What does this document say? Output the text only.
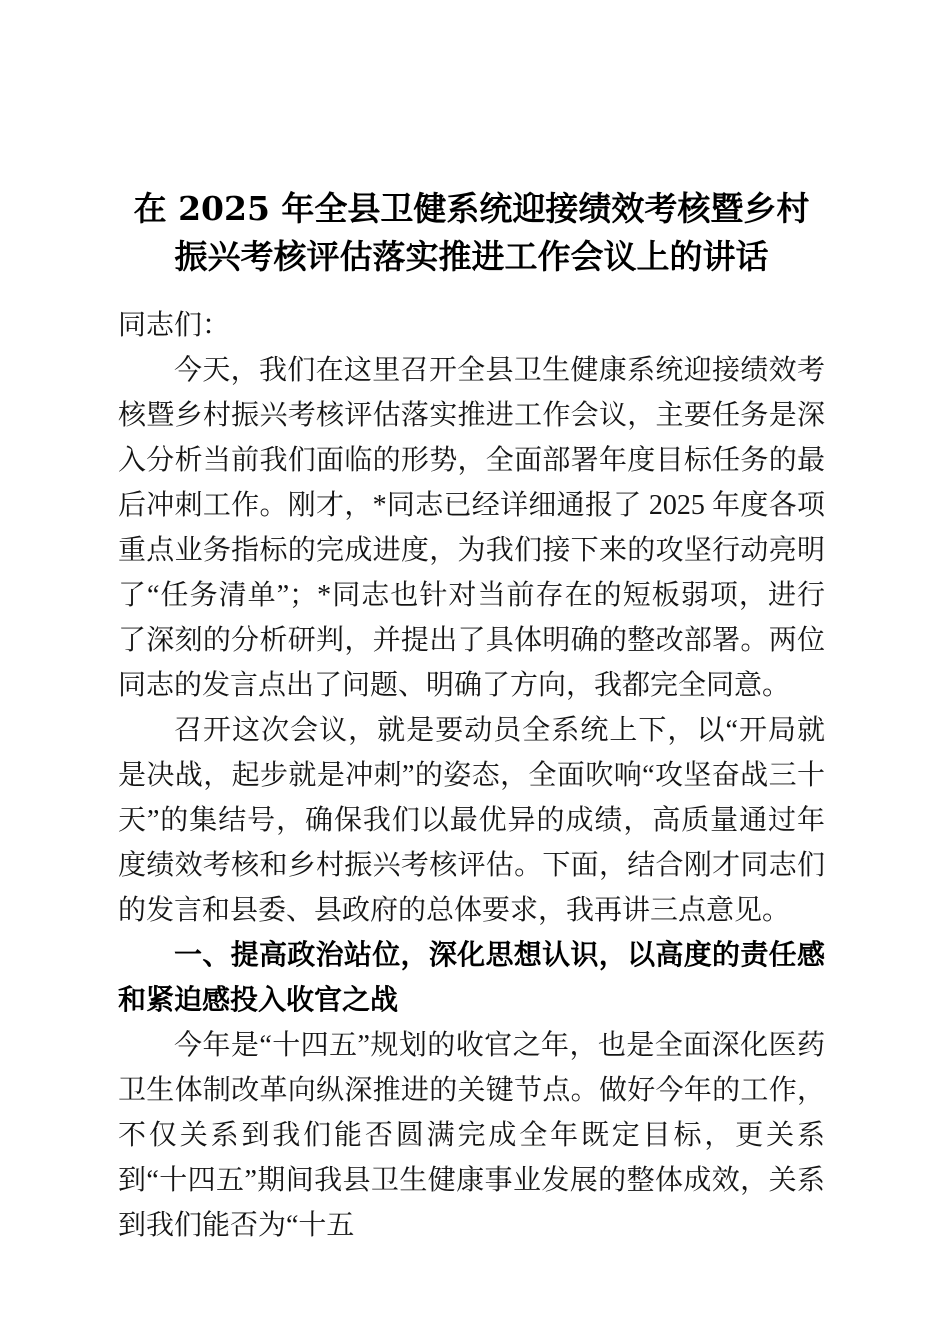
在 2025 年全县卫健系统迎接绩效考核暨乡村振兴考核评估落实推进工作会议上的讲话

同志们：

今天，我们在这里召开全县卫生健康系统迎接绩效考核暨乡村振兴考核评估落实推进工作会议，主要任务是深入分析当前我们面临的形势，全面部署年度目标任务的最后冲刺工作。刚才，*同志已经详细通报了 2025 年度各项重点业务指标的完成进度，为我们接下来的攻坚行动亮明了“任务清单”；*同志也针对当前存在的短板弱项，进行了深刻的分析研判，并提出了具体明确的整改部署。两位同志的发言点出了问题、明确了方向，我都完全同意。

召开这次会议，就是要动员全系统上下，以“开局就是决战，起步就是冲刺”的姿态，全面吹响“攻坚奋战三十天”的集结号，确保我们以最优异的成绩，高质量通过年度绩效考核和乡村振兴考核评估。下面，结合刚才同志们的发言和县委、县政府的总体要求，我再讲三点意见。

一、提高政治站位，深化思想认识，以高度的责任感和紧迫感投入收官之战

今年是“十四五”规划的收官之年，也是全面深化医药卫生体制改革向纵深推进的关键节点。做好今年的工作，不仅关系到我们能否圆满完成全年既定目标，更关系到“十四五”期间我县卫生健康事业发展的整体成效，关系到我们能否为“十五
